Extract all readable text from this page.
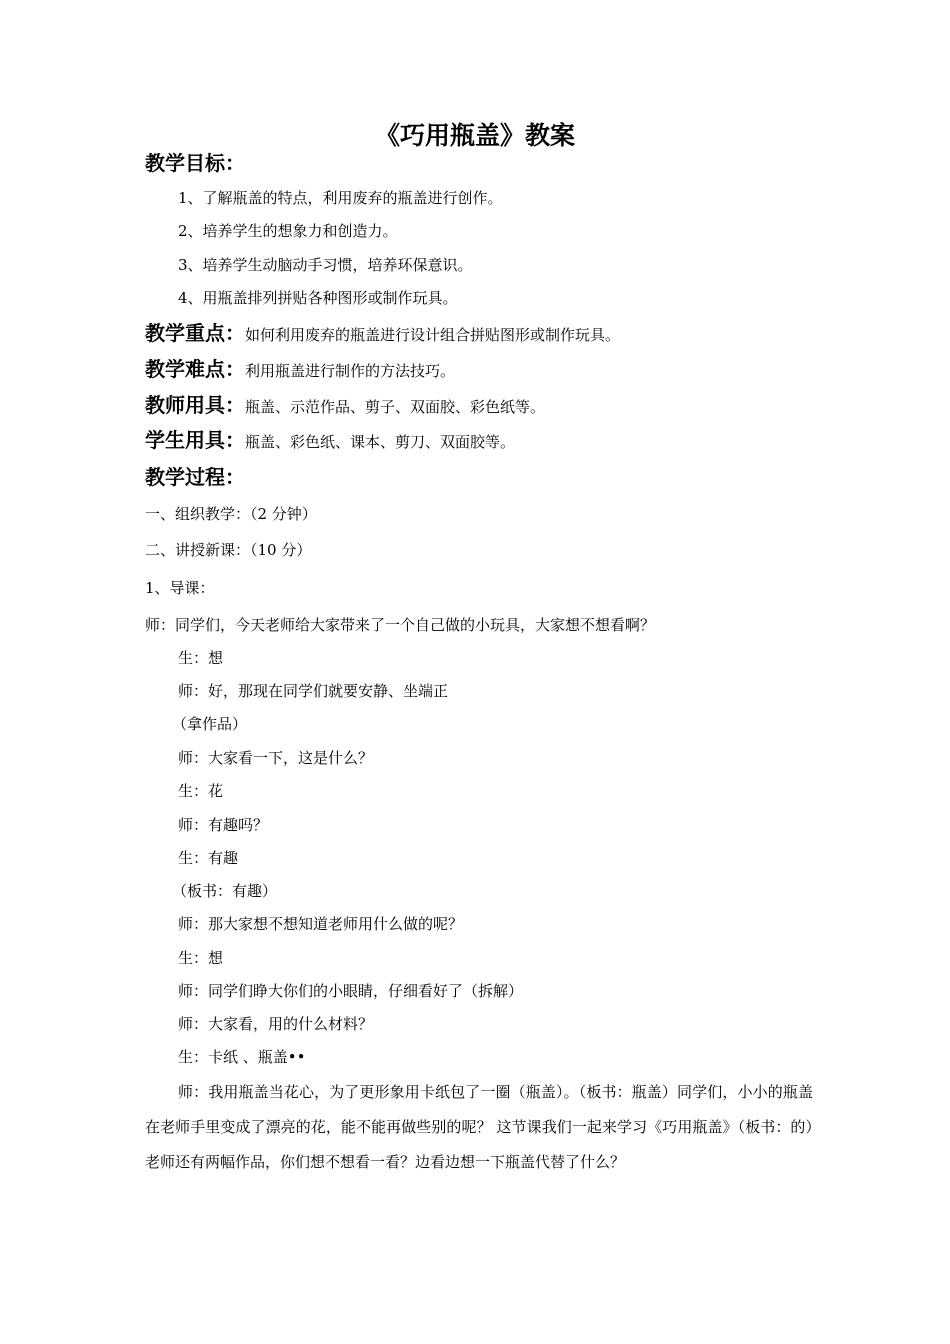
《巧用瓶盖》教案
教学目标：
1、了解瓶盖的特点，利用废弃的瓶盖进行创作。
2、培养学生的想象力和创造力。
3、培养学生动脑动手习惯，培养环保意识。
4、用瓶盖排列拼贴各种图形或制作玩具。
教学重点：如何利用废弃的瓶盖进行设计组合拼贴图形或制作玩具。
教学难点：利用瓶盖进行制作的方法技巧。
教师用具：瓶盖、示范作品、剪子、双面胶、彩色纸等。
学生用具：瓶盖、彩色纸、课本、剪刀、双面胶等。
教学过程：
一、组织教学：（2 分钟）
二、讲授新课：（10 分）
1、导课：
师：同学们，今天老师给大家带来了一个自己做的小玩具，大家想不想看啊？
生：想
师：好，那现在同学们就要安静、坐端正
（拿作品）
师：大家看一下，这是什么？
生：花
师：有趣吗？
生：有趣
（板书：有趣）
师：那大家想不想知道老师用什么做的呢？
生：想
师：同学们睁大你们的小眼睛，仔细看好了（拆解）
师：大家看，用的什么材料？
生：卡纸 、瓶盖••
师：我用瓶盖当花心，为了更形象用卡纸包了一圈（瓶盖）。（板书：瓶盖）同学们，小小的瓶盖在老师手里变成了漂亮的花，能不能再做些别的呢？ 这节课我们一起来学习《巧用瓶盖》（板书：的）老师还有两幅作品，你们想不想看一看？边看边想一下瓶盖代替了什么？
